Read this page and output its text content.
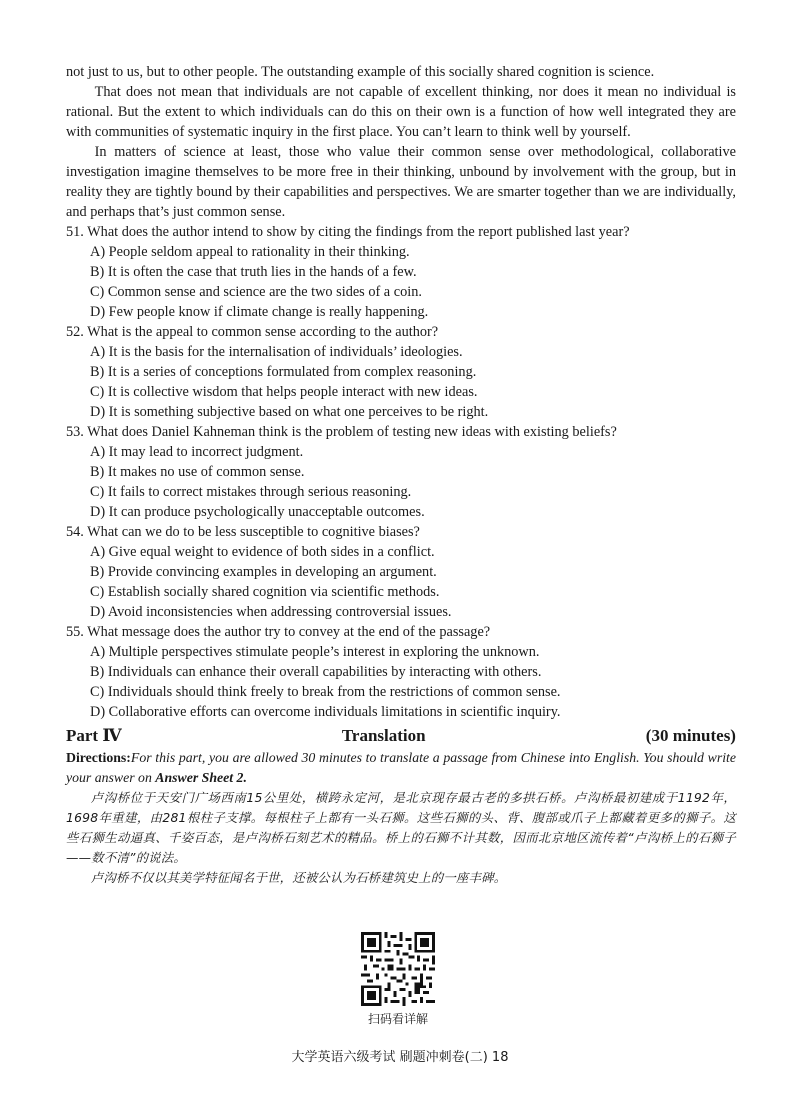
not just to us, but to other people. The outstanding example of this socially shared cognition is science.

That does not mean that individuals are not capable of excellent thinking, nor does it mean no individual is rational. But the extent to which individuals can do this on their own is a function of how well integrated they are with communities of systematic inquiry in the first place. You can’t learn to think well by yourself.

In matters of science at least, those who value their common sense over methodological, collaborative investigation imagine themselves to be more free in their thinking, unbound by involvement with the group, but in reality they are tightly bound by their capabilities and perspectives. We are smarter together than we are individually, and perhaps that’s just common sense.

51. What does the author intend to show by citing the findings from the report published last year?

A) People seldom appeal to rationality in their thinking.

B) It is often the case that truth lies in the hands of a few.

C) Common sense and science are the two sides of a coin.

D) Few people know if climate change is really happening.

52. What is the appeal to common sense according to the author?

A) It is the basis for the internalisation of individuals’ ideologies.

B) It is a series of conceptions formulated from complex reasoning.

C) It is collective wisdom that helps people interact with new ideas.

D) It is something subjective based on what one perceives to be right.

53. What does Daniel Kahneman think is the problem of testing new ideas with existing beliefs?

A) It may lead to incorrect judgment.

B) It makes no use of common sense.

C) It fails to correct mistakes through serious reasoning.

D) It can produce psychologically unacceptable outcomes.

54. What can we do to be less susceptible to cognitive biases?

A) Give equal weight to evidence of both sides in a conflict.

B) Provide convincing examples in developing an argument.

C) Establish socially shared cognition via scientific methods.

D) Avoid inconsistencies when addressing controversial issues.

55. What message does the author try to convey at the end of the passage?

A) Multiple perspectives stimulate people’s interest in exploring the unknown.

B) Individuals can enhance their overall capabilities by interacting with others.

C) Individuals should think freely to break from the restrictions of common sense.

D) Collaborative efforts can overcome individuals limitations in scientific inquiry.

Part Ⅳ	Translation	(30 minutes)

Directions:For this part, you are allowed 30 minutes to translate a passage from Chinese into English. You should write your answer on Answer Sheet 2.

卢沟桥位于天安门广场西南15公里处，横跨永定河，是北京现存最古老的多拱石桥。卢沟桥最初建成于1192年，1698年重建，由281根柱子支撑。每根柱子上都有一头石狮。这些石狮的头、背、腹部或爪子上都藏着更多的狮子。这些石狮生动逼真、千姿百态，是卢沟桥石刻艺术的精品。桥上的石狮不计其数，因而北京地区流传着“卢沟桥上的石狮子——数不清”的说法。

卢沟桥不仅以其美学特征闻名于世，还被公认为石桥建筑史上的一座丰碑。

扫码看详解
大学英语六级考试 刷题冲刺卷(二) 18
